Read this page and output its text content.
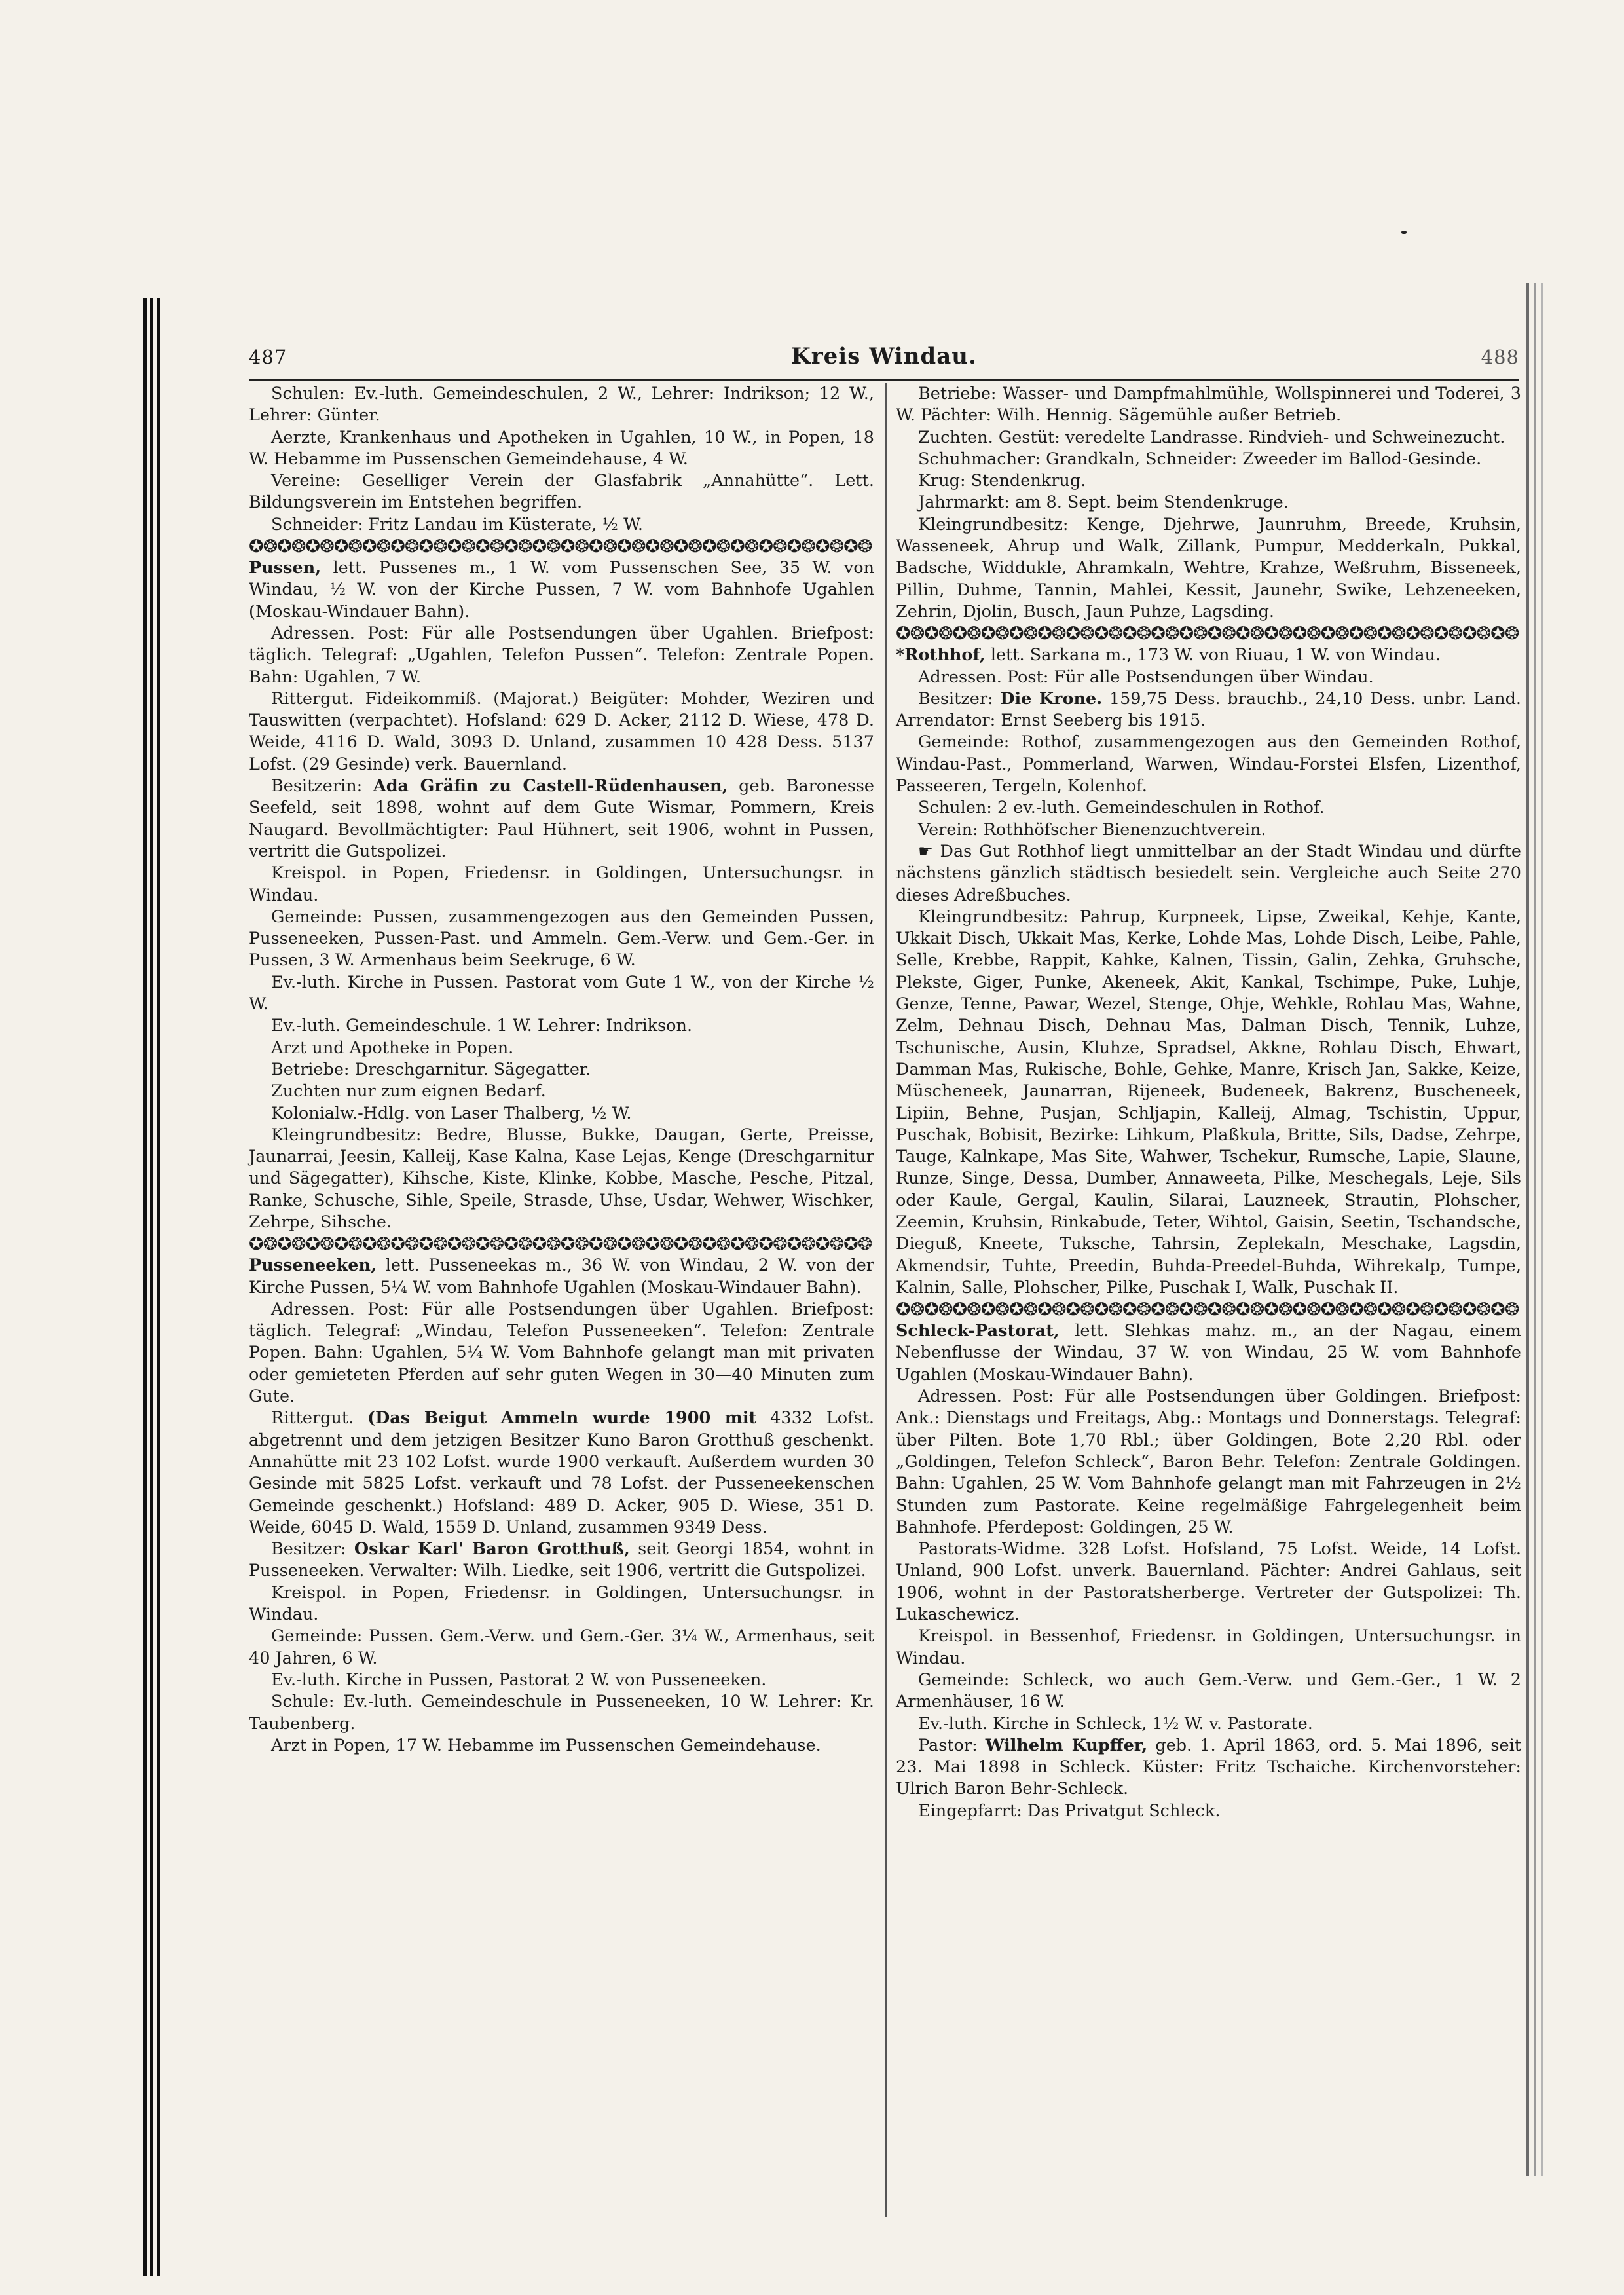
487	Kreis Windau.	488

Schulen: Ev.-luth. Gemeindeschulen, 2 W., Lehrer: Indrikson; 12 W., Lehrer: Günter.

Aerzte, Krankenhaus und Apotheken in Ugahlen, 10 W., in Popen, 18 W. Hebamme im Pussenschen Gemeindehause, 4 W.

Vereine: Geselliger Verein der Glasfabrik „Annahütte“. Lett. Bildungsverein im Entstehen begriffen.

Schneider: Fritz Landau im Küsterate, ½ W.

✪❂✪❂✪❂✪❂✪❂✪❂✪❂✪❂✪❂✪❂✪❂✪❂✪❂✪❂✪❂✪❂✪❂✪❂✪❂✪❂✪❂✪❂

Pussen, lett. Pussenes m., 1 W. vom Pussenschen See, 35 W. von Windau, ½ W. von der Kirche Pussen, 7 W. vom Bahnhofe Ugahlen (Moskau-Windauer Bahn).

Adressen. Post: Für alle Postsendungen über Ugahlen. Briefpost: täglich. Telegraf: „Ugahlen, Telefon Pussen“. Telefon: Zentrale Popen. Bahn: Ugahlen, 7 W.

Rittergut. Fideikommiß. (Majorat.) Beigüter: Mohder, Weziren und Tauswitten (verpachtet). Hofsland: 629 D. Acker, 2112 D. Wiese, 478 D. Weide, 4116 D. Wald, 3093 D. Unland, zusammen 10 428 Dess. 5137 Lofst. (29 Gesinde) verk. Bauernland.

Besitzerin: Ada Gräfin zu Castell-Rüdenhausen, geb. Baronesse Seefeld, seit 1898, wohnt auf dem Gute Wismar, Pommern, Kreis Naugard. Bevollmächtigter: Paul Hühnert, seit 1906, wohnt in Pussen, vertritt die Gutspolizei.

Kreispol. in Popen, Friedensr. in Goldingen, Untersuchungsr. in Windau.

Gemeinde: Pussen, zusammengezogen aus den Gemeinden Pussen, Pusseneeken, Pussen-Past. und Ammeln. Gem.-Verw. und Gem.-Ger. in Pussen, 3 W. Armenhaus beim Seekruge, 6 W.

Ev.-luth. Kirche in Pussen. Pastorat vom Gute 1 W., von der Kirche ½ W.

Ev.-luth. Gemeindeschule. 1 W. Lehrer: Indrikson.

Arzt und Apotheke in Popen.

Betriebe: Dreschgarnitur. Sägegatter.

Zuchten nur zum eignen Bedarf.

Kolonialw.-Hdlg. von Laser Thalberg, ½ W.

Kleingrundbesitz: Bedre, Blusse, Bukke, Daugan, Gerte, Preisse, Jaunarrai, Jeesin, Kalleij, Kase Kalna, Kase Lejas, Kenge (Dreschgarnitur und Sägegatter), Kihsche, Kiste, Klinke, Kobbe, Masche, Pesche, Pitzal, Ranke, Schusche, Sihle, Speile, Strasde, Uhse, Usdar, Wehwer, Wischker, Zehrpe, Sihsche.

✪❂✪❂✪❂✪❂✪❂✪❂✪❂✪❂✪❂✪❂✪❂✪❂✪❂✪❂✪❂✪❂✪❂✪❂✪❂✪❂✪❂✪❂

Pusseneeken, lett. Pusseneekas m., 36 W. von Windau, 2 W. von der Kirche Pussen, 5¼ W. vom Bahnhofe Ugahlen (Moskau-Windauer Bahn).

Adressen. Post: Für alle Postsendungen über Ugahlen. Briefpost: täglich. Telegraf: „Windau, Telefon Pusseneeken“. Telefon: Zentrale Popen. Bahn: Ugahlen, 5¼ W. Vom Bahnhofe gelangt man mit privaten oder gemieteten Pferden auf sehr guten Wegen in 30—40 Minuten zum Gute.

Rittergut. (Das Beigut Ammeln wurde 1900 mit 4332 Lofst. abgetrennt und dem jetzigen Besitzer Kuno Baron Grotthuß geschenkt. Annahütte mit 23 102 Lofst. wurde 1900 verkauft. Außerdem wurden 30 Gesinde mit 5825 Lofst. verkauft und 78 Lofst. der Pusseneekenschen Gemeinde geschenkt.) Hofsland: 489 D. Acker, 905 D. Wiese, 351 D. Weide, 6045 D. Wald, 1559 D. Unland, zusammen 9349 Dess.

Besitzer: Oskar Karl' Baron Grotthuß, seit Georgi 1854, wohnt in Pusseneeken. Verwalter: Wilh. Liedke, seit 1906, vertritt die Gutspolizei.

Kreispol. in Popen, Friedensr. in Goldingen, Untersuchungsr. in Windau.

Gemeinde: Pussen. Gem.-Verw. und Gem.-Ger. 3¼ W., Armenhaus, seit 40 Jahren, 6 W.

Ev.-luth. Kirche in Pussen, Pastorat 2 W. von Pusseneeken.

Schule: Ev.-luth. Gemeindeschule in Pusseneeken, 10 W. Lehrer: Kr. Taubenberg.

Arzt in Popen, 17 W. Hebamme im Pussenschen Gemeindehause.

Betriebe: Wasser- und Dampfmahlmühle, Wollspinnerei und Toderei, 3 W. Pächter: Wilh. Hennig. Sägemühle außer Betrieb.

Zuchten. Gestüt: veredelte Landrasse. Rindvieh- und Schweinezucht.

Schuhmacher: Grandkaln, Schneider: Zweeder im Ballod-Gesinde.

Krug: Stendenkrug.

Jahrmarkt: am 8. Sept. beim Stendenkruge.

Kleingrundbesitz: Kenge, Djehrwe, Jaunruhm, Breede, Kruhsin, Wasseneek, Ahrup und Walk, Zillank, Pumpur, Medderkaln, Pukkal, Badsche, Widdukle, Ahramkaln, Wehtre, Krahze, Weßruhm, Bisseneek, Pillin, Duhme, Tannin, Mahlei, Kessit, Jaunehr, Swike, Lehzeneeken, Zehrin, Djolin, Busch, Jaun Puhze, Lagsding.

✪❂✪❂✪❂✪❂✪❂✪❂✪❂✪❂✪❂✪❂✪❂✪❂✪❂✪❂✪❂✪❂✪❂✪❂✪❂✪❂✪❂✪❂

*Rothhof, lett. Sarkana m., 173 W. von Riuau, 1 W. von Windau.

Adressen. Post: Für alle Postsendungen über Windau.

Besitzer: Die Krone. 159,75 Dess. brauchb., 24,10 Dess. unbr. Land. Arrendator: Ernst Seeberg bis 1915.

Gemeinde: Rothof, zusammengezogen aus den Gemeinden Rothof, Windau-Past., Pommerland, Warwen, Windau-Forstei Elsfen, Lizenthof, Passeeren, Tergeln, Kolenhof.

Schulen: 2 ev.-luth. Gemeindeschulen in Rothof.

Verein: Rothhöfscher Bienenzuchtverein.

☛ Das Gut Rothhof liegt unmittelbar an der Stadt Windau und dürfte nächstens gänzlich städtisch besiedelt sein. Vergleiche auch Seite 270 dieses Adreßbuches.

Kleingrundbesitz: Pahrup, Kurpneek, Lipse, Zweikal, Kehje, Kante, Ukkait Disch, Ukkait Mas, Kerke, Lohde Mas, Lohde Disch, Leibe, Pahle, Selle, Krebbe, Rappit, Kahke, Kalnen, Tissin, Galin, Zehka, Gruhsche, Plekste, Giger, Punke, Akeneek, Akit, Kankal, Tschimpe, Puke, Luhje, Genze, Tenne, Pawar, Wezel, Stenge, Ohje, Wehkle, Rohlau Mas, Wahne, Zelm, Dehnau Disch, Dehnau Mas, Dalman Disch, Tennik, Luhze, Tschunische, Ausin, Kluhze, Spradsel, Akkne, Rohlau Disch, Ehwart, Damman Mas, Rukische, Bohle, Gehke, Manre, Krisch Jan, Sakke, Keize, Müscheneek, Jaunarran, Rijeneek, Budeneek, Bakrenz, Buscheneek, Lipiin, Behne, Pusjan, Schljapin, Kalleij, Almag, Tschistin, Uppur, Puschak, Bobisit, Bezirke: Lihkum, Plaßkula, Britte, Sils, Dadse, Zehrpe, Tauge, Kalnkape, Mas Site, Wahwer, Tschekur, Rumsche, Lapie, Slaune, Runze, Singe, Dessa, Dumber, Annaweeta, Pilke, Meschegals, Leje, Sils oder Kaule, Gergal, Kaulin, Silarai, Lauzneek, Strautin, Plohscher, Zeemin, Kruhsin, Rinkabude, Teter, Wihtol, Gaisin, Seetin, Tschandsche, Dieguß, Kneete, Tuksche, Tahrsin, Zeplekaln, Meschake, Lagsdin, Akmendsir, Tuhte, Preedin, Buhda-Preedel-Buhda, Wihrekalp, Tumpe, Kalnin, Salle, Plohscher, Pilke, Puschak I, Walk, Puschak II.

✪❂✪❂✪❂✪❂✪❂✪❂✪❂✪❂✪❂✪❂✪❂✪❂✪❂✪❂✪❂✪❂✪❂✪❂✪❂✪❂✪❂✪❂

Schleck-Pastorat, lett. Slehkas mahz. m., an der Nagau, einem Nebenflusse der Windau, 37 W. von Windau, 25 W. vom Bahnhofe Ugahlen (Moskau-Windauer Bahn).

Adressen. Post: Für alle Postsendungen über Goldingen. Briefpost: Ank.: Dienstags und Freitags, Abg.: Montags und Donnerstags. Telegraf: über Pilten. Bote 1,70 Rbl.; über Goldingen, Bote 2,20 Rbl. oder „Goldingen, Telefon Schleck“, Baron Behr. Telefon: Zentrale Goldingen. Bahn: Ugahlen, 25 W. Vom Bahnhofe gelangt man mit Fahrzeugen in 2½ Stunden zum Pastorate. Keine regelmäßige Fahrgelegenheit beim Bahnhofe. Pferdepost: Goldingen, 25 W.

Pastorats-Widme. 328 Lofst. Hofsland, 75 Lofst. Weide, 14 Lofst. Unland, 900 Lofst. unverk. Bauernland. Pächter: Andrei Gahlaus, seit 1906, wohnt in der Pastoratsherberge. Vertreter der Gutspolizei: Th. Lukaschewicz.

Kreispol. in Bessenhof, Friedensr. in Goldingen, Untersuchungsr. in Windau.

Gemeinde: Schleck, wo auch Gem.-Verw. und Gem.-Ger., 1 W. 2 Armenhäuser, 16 W.

Ev.-luth. Kirche in Schleck, 1½ W. v. Pastorate.

Pastor: Wilhelm Kupffer, geb. 1. April 1863, ord. 5. Mai 1896, seit 23. Mai 1898 in Schleck. Küster: Fritz Tschaiche. Kirchenvorsteher: Ulrich Baron Behr-Schleck.

Eingepfarrt: Das Privatgut Schleck.
